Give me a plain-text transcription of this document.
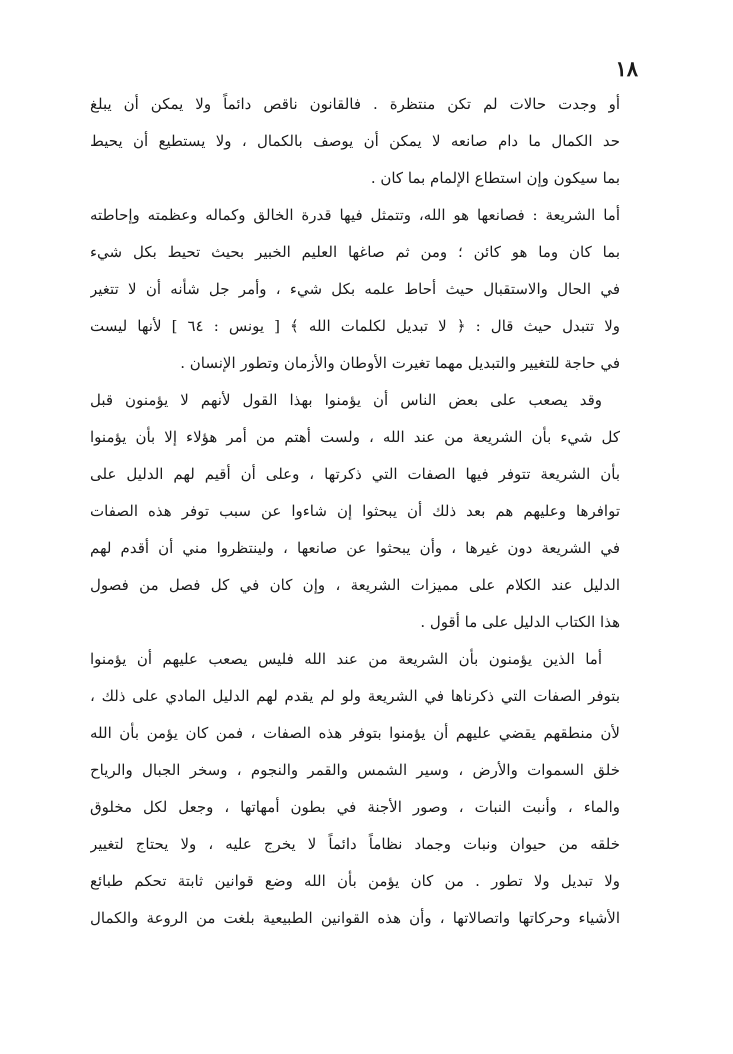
١٨
أو وجدت حالات لم تكن منتظرة . فالقانون ناقص دائماً ولا يمكن أن يبلغ
حد الكمال ما دام صانعه لا يمكن أن يوصف بالكمال ، ولا يستطيع أن يحيط
بما سيكون وإن استطاع الإلمام بما كان .
أما الشريعة : فصانعها هو الله، وتتمثل فيها قدرة الخالق وكماله وعظمته وإحاطته
بما كان وما هو كائن ؛ ومن ثم صاغها العليم الخبير بحيث تحيط بكل شيء
في الحال والاستقبال حيث أحاط علمه بكل شيء ، وأمر جل شأنه أن لا تتغير
ولا تتبدل حيث قال : ﴿ لا تبديل لكلمات الله ﴾ [ يونس : ٦٤ ] لأنها ليست
في حاجة للتغيير والتبديل مهما تغيرت الأوطان والأزمان وتطور الإنسان .
وقد يصعب على بعض الناس أن يؤمنوا بهذا القول لأنهم لا يؤمنون قبل
كل شيء بأن الشريعة من عند الله ، ولست أهتم من أمر هؤلاء إلا بأن يؤمنوا
بأن الشريعة تتوفر فيها الصفات التي ذكرتها ، وعلى أن أقيم لهم الدليل على
توافرها وعليهم هم بعد ذلك أن يبحثوا إن شاءوا عن سبب توفر هذه الصفات
في الشريعة دون غيرها ، وأن يبحثوا عن صانعها ، ولينتظروا مني أن أقدم لهم
الدليل عند الكلام على مميزات الشريعة ، وإن كان في كل فصل من فصول
هذا الكتاب الدليل على ما أقول .
أما الذين يؤمنون بأن الشريعة من عند الله فليس يصعب عليهم أن يؤمنوا
بتوفر الصفات التي ذكرناها في الشريعة ولو لم يقدم لهم الدليل المادي على ذلك ،
لأن منطقهم يقضي عليهم أن يؤمنوا بتوفر هذه الصفات ، فمن كان يؤمن بأن الله
خلق السموات والأرض ، وسير الشمس والقمر والنجوم ، وسخر الجبال والرياح
والماء ، وأنبت النبات ، وصور الأجنة في بطون أمهاتها ، وجعل لكل مخلوق
خلقه من حيوان ونبات وجماد نظاماً دائماً لا يخرج عليه ، ولا يحتاج لتغيير
ولا تبديل ولا تطور . من كان يؤمن بأن الله وضع قوانين ثابتة تحكم طبائع
الأشياء وحركاتها واتصالاتها ، وأن هذه القوانين الطبيعية بلغت من الروعة والكمال
